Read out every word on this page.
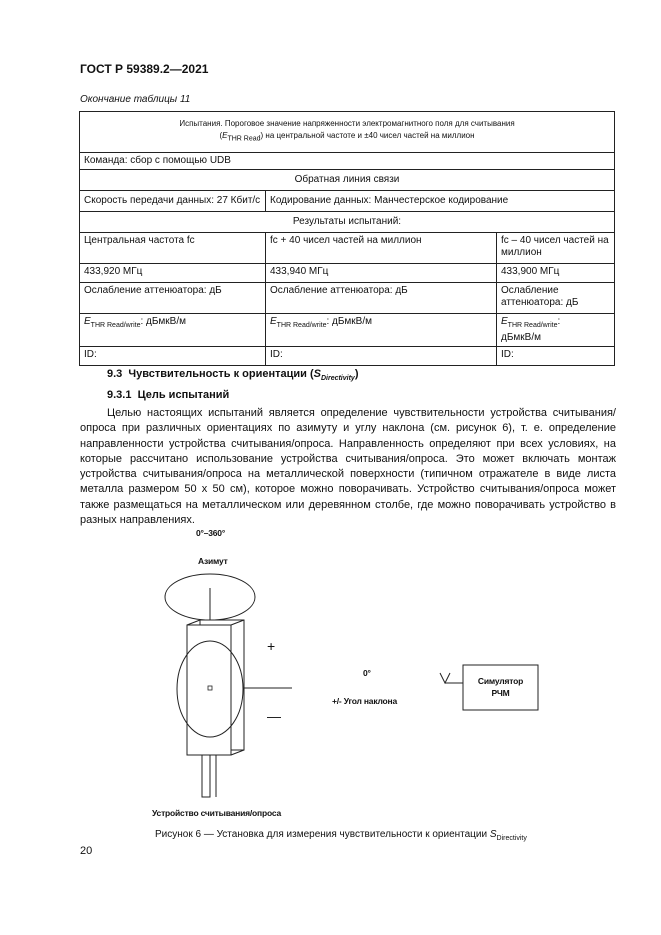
ГОСТ Р 59389.2—2021
Окончание таблицы 11
Испытания. Пороговое значение напряженности электромагнитного поля для считывания
$(E_{THR Read})$ на центральной частоте и ±40 чисел частей на миллион		

Команда: сбор с помощью UDB		
Обратная линия связи		
Скорость передачи данных: 27 Кбит/с	Кодирование данных: Манчестерское кодирование	
Результаты испытаний:		
Центральная частота fc	fc + 40 чисел частей на миллион	fc – 40 чисел частей на миллион
433,920 МГц	433,940 МГц	433,900 МГц
Ослабление аттенюатора: дБ	Ослабление аттенюатора: дБ	Ослабление аттенюатора: дБ
$E_{THR Read/write}$: дБмкВ/м	$E_{THR Read/write}$: дБмкВ/м	$E_{THR Read/write}$:
дБмкВ/м
ID:	ID:	ID:
9.3 Чувствительность к ориентации $(S_{Directivity})$
9.3.1 Цель испытаний
Целью настоящих испытаний является определение чувствительности устройства считывания/опроса при различных ориентациях по азимуту и углу наклона (см. рисунок 6), т. е. определение направленности устройства считывания/опроса. Направленность определяют при всех условиях, на которые рассчитано использование устройства считывания/опроса. Это может включать монтаж устройства считывания/опроса на металлической поверхности (типичном отражателе в виде листа металла размером 50 х 50 см), которое можно поворачивать. Устройство считывания/опроса может также размещаться на металлическом или деревянном столбе, где можно поворачивать устройство в разных направлениях.
0°–360°
Азимут
+
—
0°
+/- Угол наклона
Симулятор
РЧМ
Устройство считывания/опроса
Рисунок 6 — Установка для измерения чувствительности к ориентации $S_{Directivity}$
20
